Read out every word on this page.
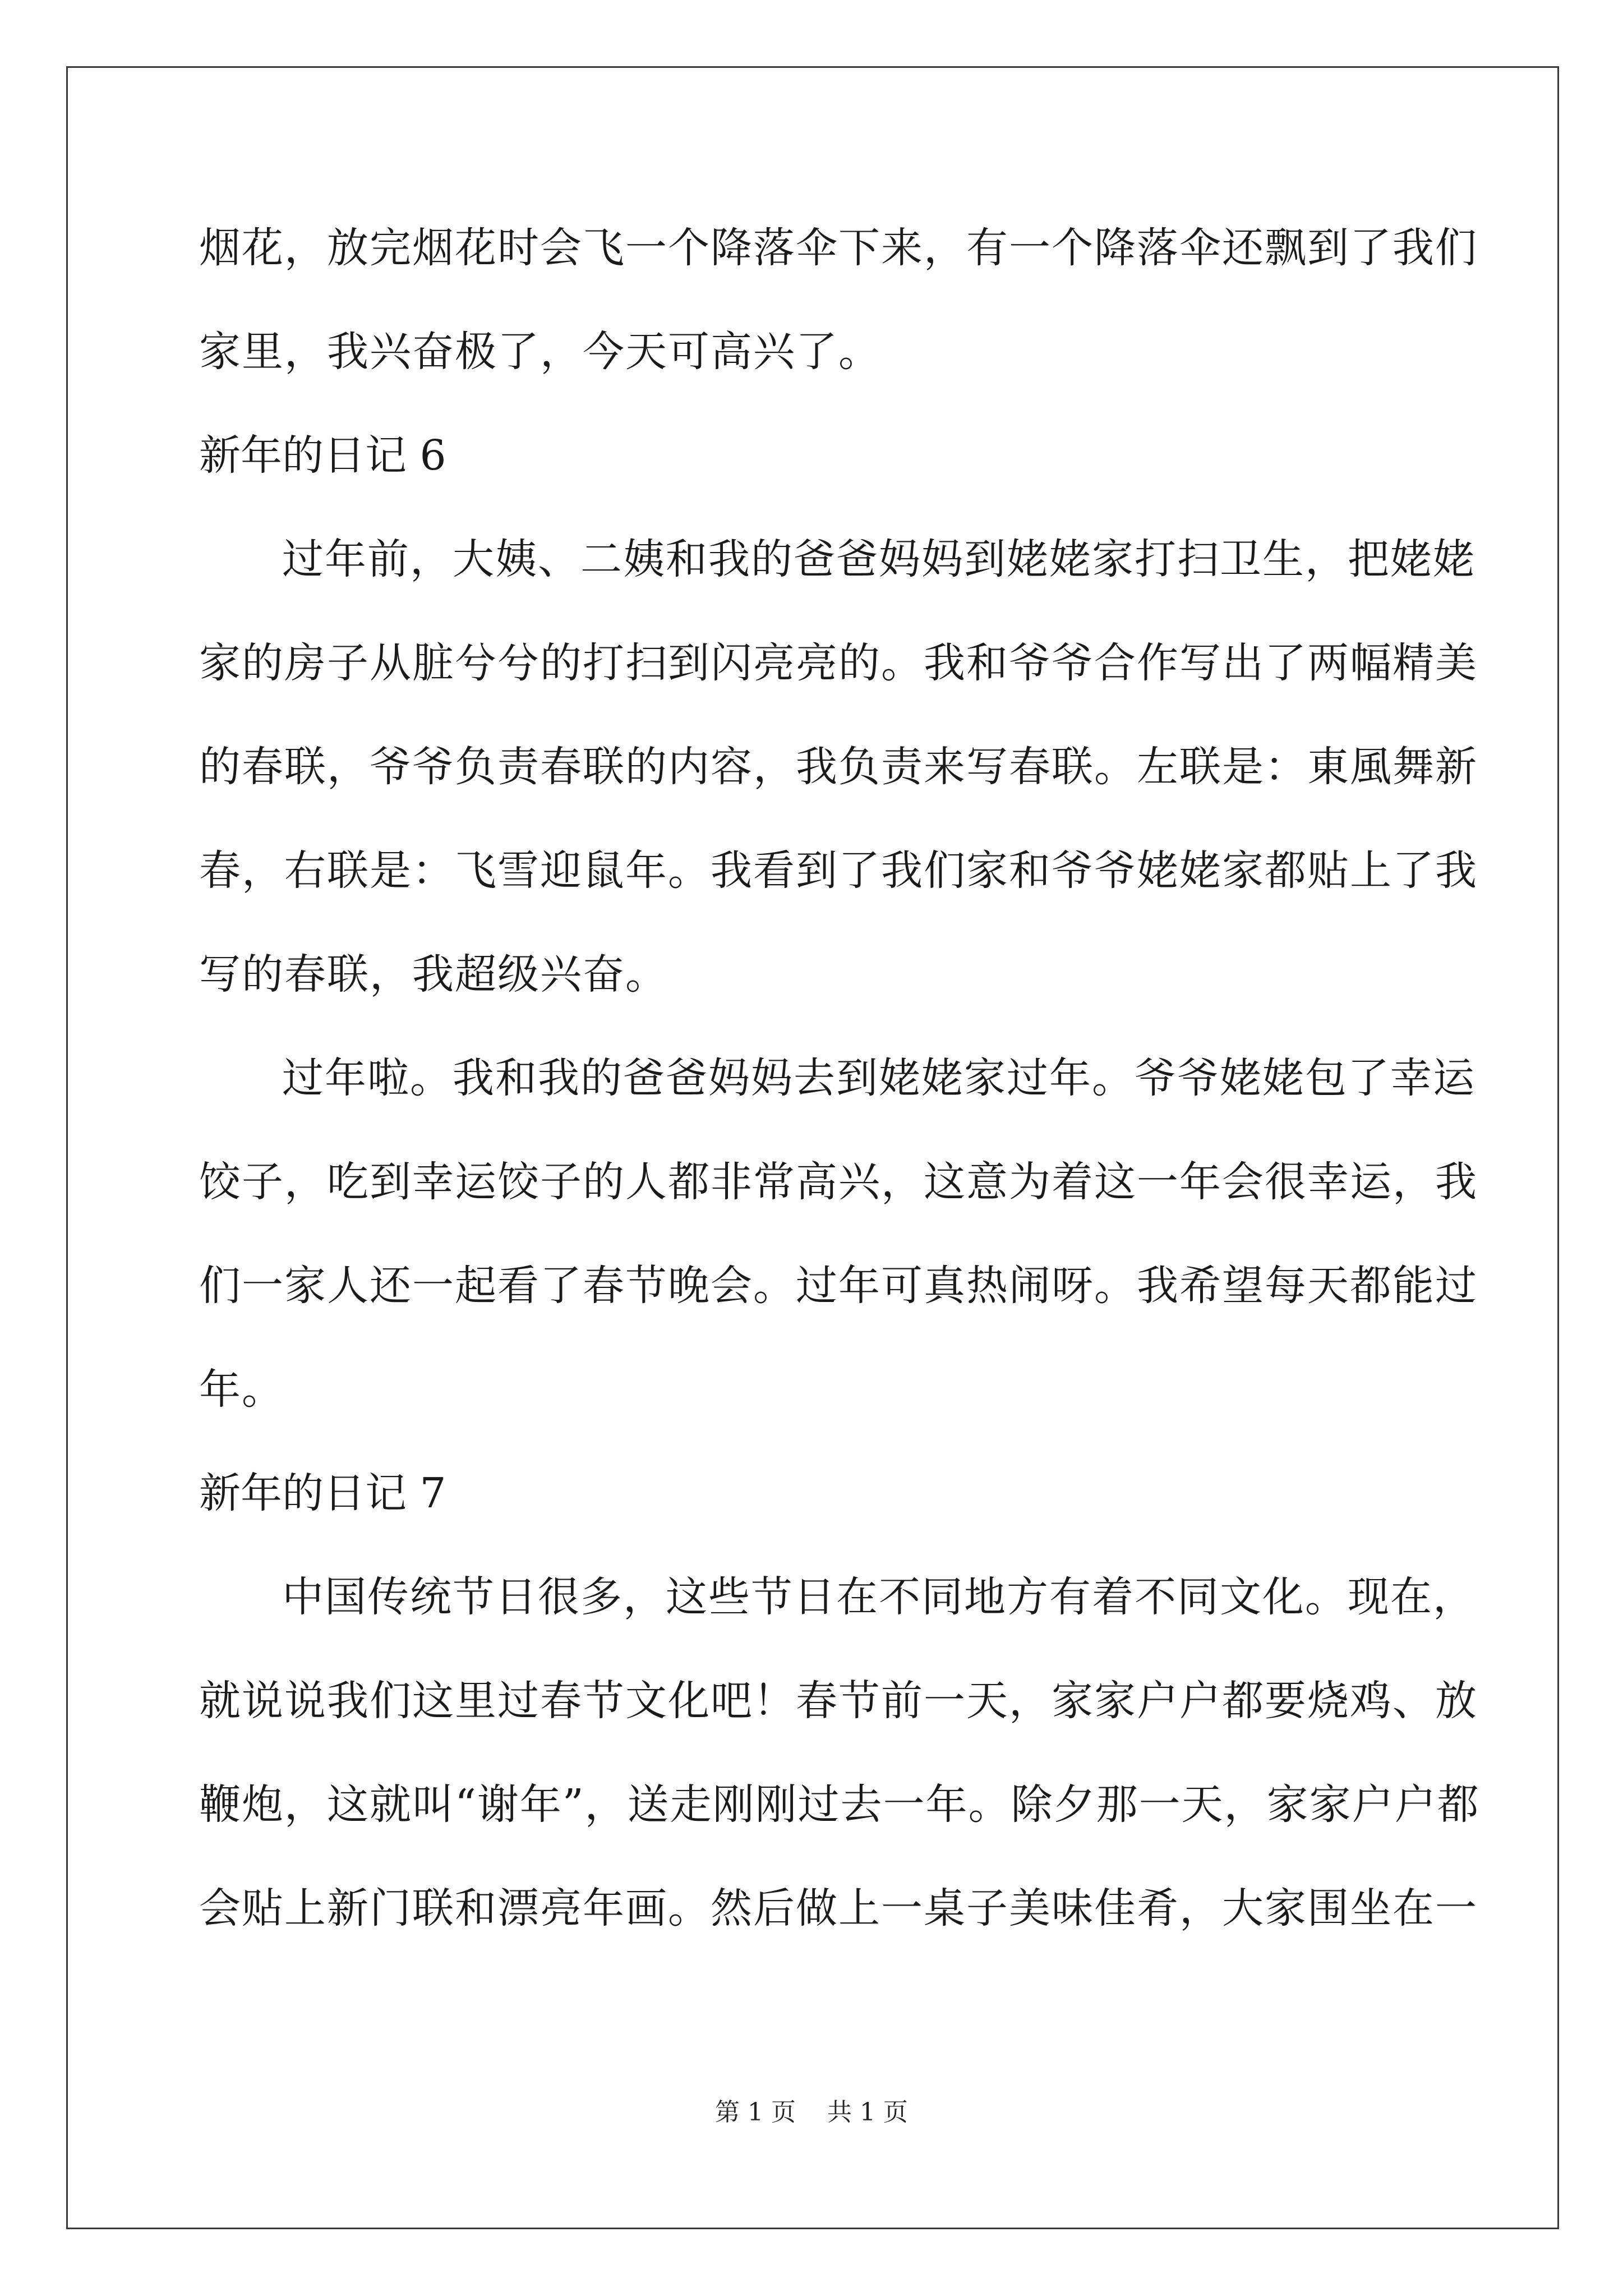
烟花，放完烟花时会飞一个降落伞下来，有一个降落伞还飘到了我们
家里，我兴奋极了，今天可高兴了。
新年的日记 6
过年前，大姨、二姨和我的爸爸妈妈到姥姥家打扫卫生，把姥姥
家的房子从脏兮兮的打扫到闪亮亮的。我和爷爷合作写出了两幅精美
的春联，爷爷负责春联的内容，我负责来写春联。左联是：東風舞新
春，右联是：飞雪迎鼠年。我看到了我们家和爷爷姥姥家都贴上了我
写的春联，我超级兴奋。
过年啦。我和我的爸爸妈妈去到姥姥家过年。爷爷姥姥包了幸运
饺子，吃到幸运饺子的人都非常高兴，这意为着这一年会很幸运，我
们一家人还一起看了春节晚会。过年可真热闹呀。我希望每天都能过
年。
新年的日记 7
中国传统节日很多，这些节日在不同地方有着不同文化。现在，
就说说我们这里过春节文化吧！春节前一天，家家户户都要烧鸡、放
鞭炮，这就叫“谢年”，送走刚刚过去一年。除夕那一天，家家户户都
会贴上新门联和漂亮年画。然后做上一桌子美味佳肴，大家围坐在一
第 1 页    共 1 页
